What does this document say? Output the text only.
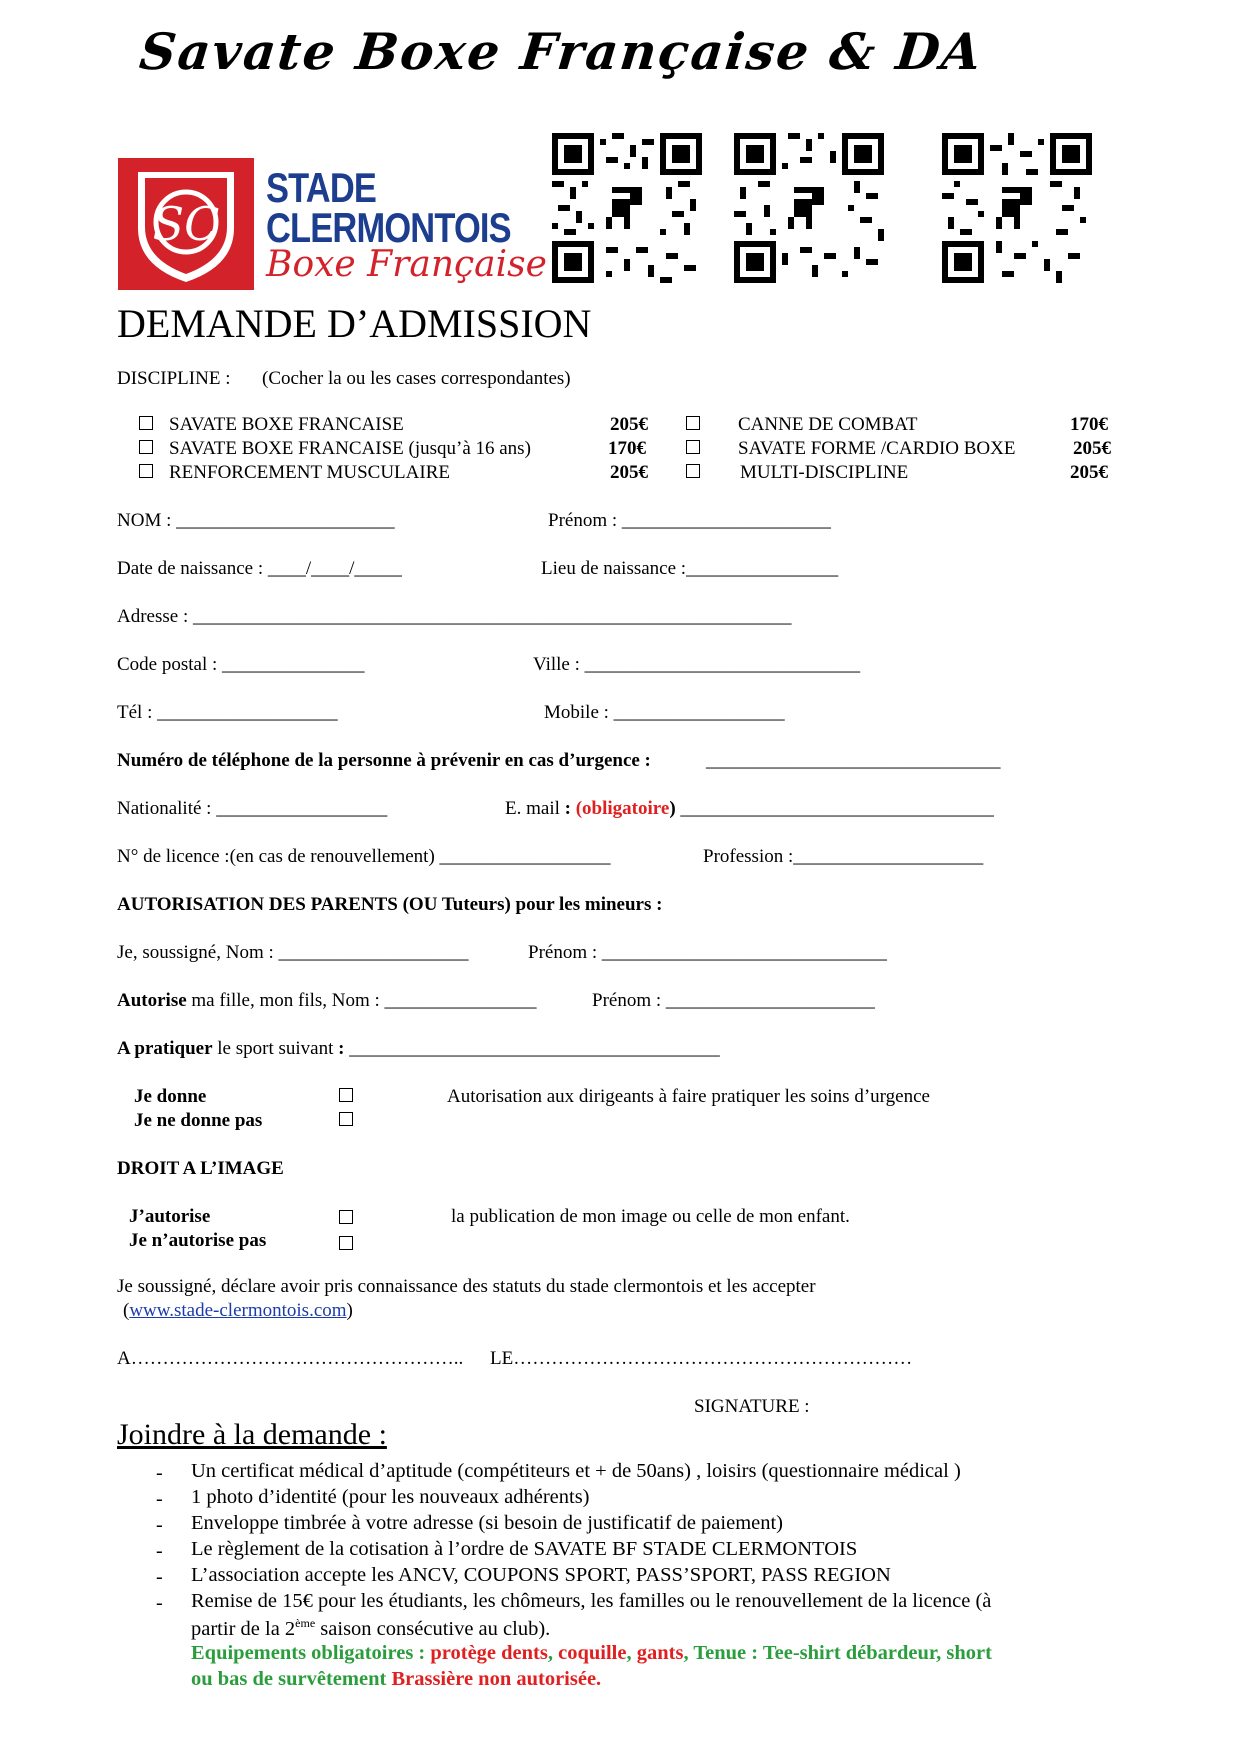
Savate Boxe Française & DA
SC
STADE
CLERMONTOIS
Boxe Française
DEMANDE D’ADMISSION
DISCIPLINE : (Cocher la ou les cases correspondantes)
SAVATE BOXE FRANCAISE	205€
SAVATE BOXE FRANCAISE (jusqu’à 16 ans)	170€
RENFORCEMENT MUSCULAIRE	205€
CANNE DE COMBAT	170€
SAVATE FORME /CARDIO BOXE	205€
MULTI-DISCIPLINE	205€
NOM : _______________________	Prénom : ______________________
Date de naissance : ____/____/_____	Lieu de naissance :________________
Adresse : _______________________________________________________________
Code postal : _______________	Ville : _____________________________
Tél : ___________________	Mobile : __________________
Numéro de téléphone de la personne à prévenir en cas d’urgence :	_______________________________
Nationalité : __________________	E. mail : (obligatoire) _________________________________
N° de licence :(en cas de renouvellement) __________________	Profession :____________________
AUTORISATION DES PARENTS (OU Tuteurs) pour les mineurs :
Je, soussigné, Nom : ____________________	Prénom : ______________________________
Autorise ma fille, mon fils, Nom : ________________	Prénom : ______________________
A pratiquer le sport suivant : _______________________________________
Je donne
Je ne donne pas
Autorisation aux dirigeants à faire pratiquer les soins d’urgence
DROIT A L’IMAGE
J’autorise
Je n’autorise pas
la publication de mon image ou celle de mon enfant.
Je soussigné, déclare avoir pris connaissance des statuts du stade clermontois et les accepter
(www.stade-clermontois.com)
A…………………………………………….. LE………………………………………………………
SIGNATURE :
Joindre à la demande :
- Un certificat médical d’aptitude (compétiteurs et + de 50ans) , loisirs (questionnaire médical )
- 1 photo d’identité (pour les nouveaux adhérents)
- Enveloppe timbrée à votre adresse (si besoin de justificatif de paiement)
- Le règlement de la cotisation à l’ordre de SAVATE BF STADE CLERMONTOIS
- L’association accepte les ANCV, COUPONS SPORT, PASS’SPORT, PASS REGION
- Remise de 15€ pour les étudiants, les chômeurs, les familles ou le renouvellement de la licence (à
partir de la 2ème saison consécutive au club).
Equipements obligatoires : protège dents, coquille, gants, Tenue : Tee-shirt débardeur, short
ou bas de survêtement Brassière non autorisée.
